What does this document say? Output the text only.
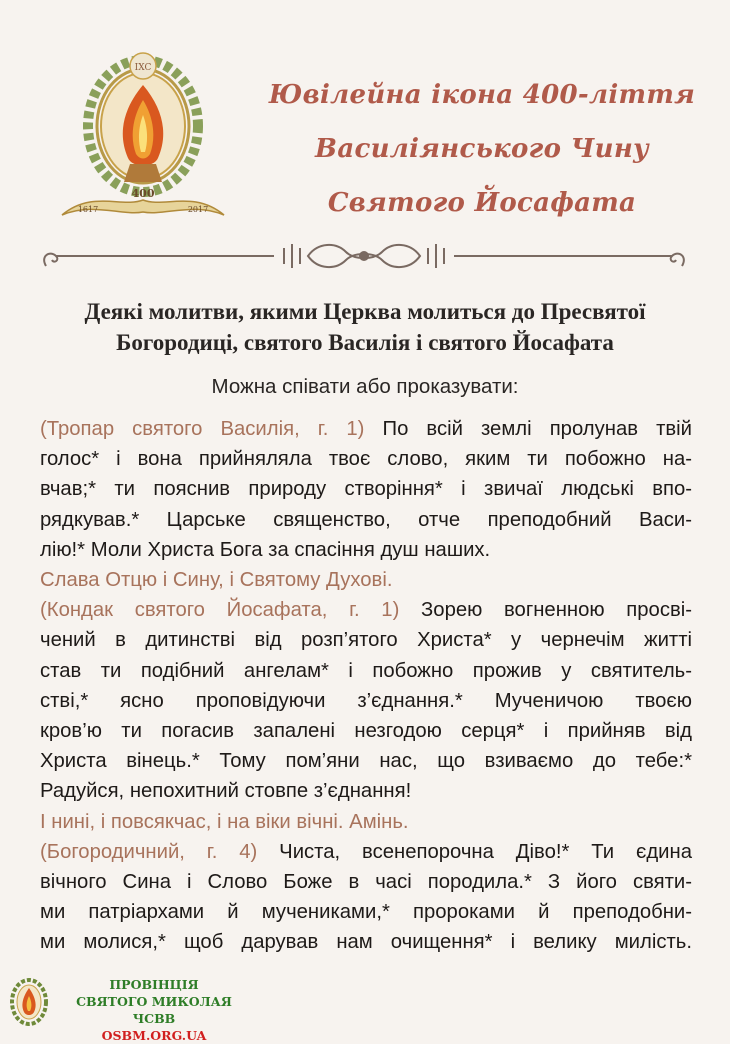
IXC
400
1617	2017
Ювілейна ікона 400-ліття
Василіянського Чину
Святого Йосафата
Деякі молитви, якими Церква молиться до Пресвятої
Богородиці, святого Василія і святого Йосафата
Можна співати або проказувати:
(Тропар святого Василія, г. 1) По всій землі пролунав твій
голос* і вона прийняляла твоє слово, яким ти побожно на-
вчав;* ти пояснив природу створіння* і звичаї людські впо-
рядкував.* Царське священство, отче преподобний Васи-
лію!* Моли Христа Бога за спасіння душ наших.
Слава Отцю і Сину, і Святому Духові.
(Кондак святого Йосафата, г. 1) Зорею вогненною просві-
чений в дитинстві від розп’ятого Христа* у чернечім житті
став ти подібний ангелам* і побожно прожив у святитель-
стві,* ясно проповідуючи з’єднання.* Мученичою твоєю
кров’ю ти погасив запалені незгодою серця* і прийняв від
Христа вінець.* Тому пом’яни нас, що взиваємо до тебе:*
Радуйся, непохитний стовпе з’єднання!
І нині, і повсякчас, і на віки вічні. Амінь.
(Богородичний, г. 4) Чиста, всенепорочна Діво!* Ти єдина
вічного Сина і Слово Боже в часі породила.* З його святи-
ми патріархами й мучениками,* пророками й преподобни-
ми молися,* щоб дарував нам очищення* і велику милість.
ПРОВІНЦІЯ
СВЯТОГО МИКОЛАЯ ЧСВВ
OSBM.ORG.UA
